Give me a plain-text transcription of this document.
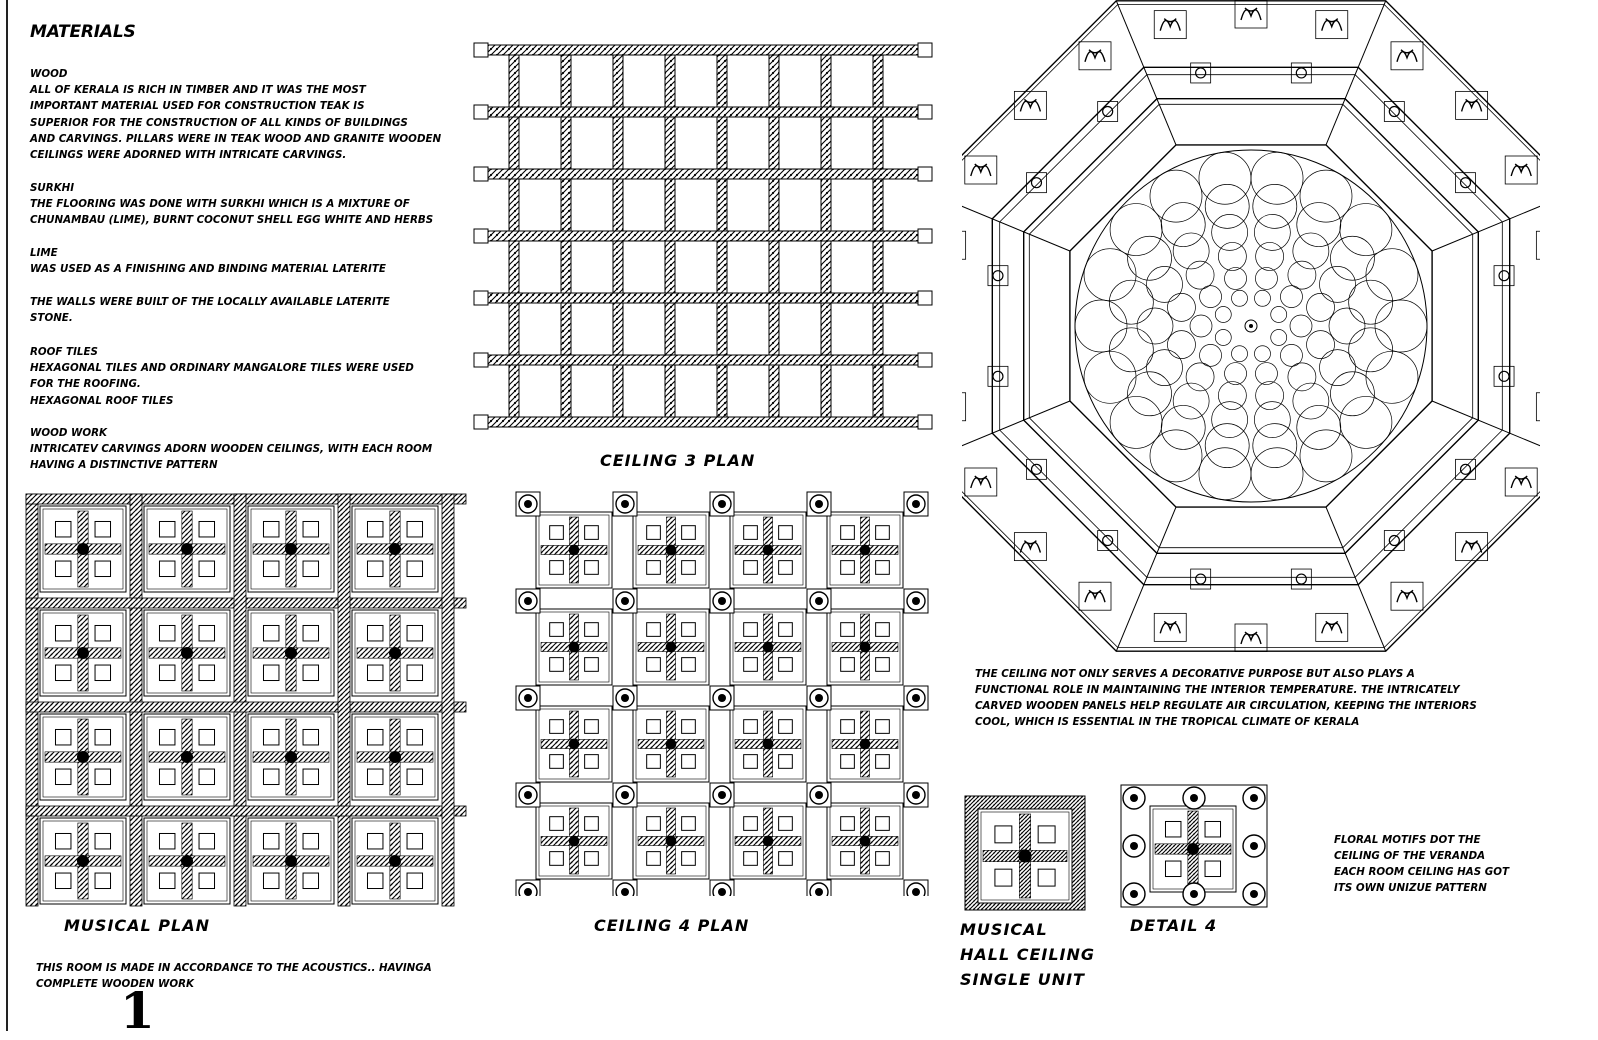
MATERIALS
WOOD
ALL OF KERALA IS RICH IN TIMBER AND IT WAS THE MOST
IMPORTANT MATERIAL USED FOR CONSTRUCTION TEAK IS
SUPERIOR FOR THE CONSTRUCTION OF ALL KINDS OF BUILDINGS
AND CARVINGS. PILLARS WERE IN TEAK WOOD AND GRANITE WOODEN
CEILINGS WERE ADORNED WITH INTRICATE CARVINGS.
SURKHI
THE FLOORING WAS DONE WITH SURKHI WHICH IS A MIXTURE OF
CHUNAMBAU (LIME), BURNT COCONUT SHELL EGG WHITE AND HERBS
LIME
WAS USED AS A FINISHING AND BINDING MATERIAL LATERITE
THE WALLS WERE BUILT OF THE LOCALLY AVAILABLE LATERITE
STONE.
ROOF TILES
HEXAGONAL TILES AND ORDINARY MANGALORE TILES WERE USED
FOR THE ROOFING.
HEXAGONAL ROOF TILES
WOOD WORK
INTRICATEV CARVINGS ADORN WOODEN CEILINGS, WITH EACH ROOM
HAVING A DISTINCTIVE PATTERN	CEILING 3 PLAN
THE CEILING NOT ONLY SERVES A DECORATIVE PURPOSE BUT ALSO PLAYS A
FUNCTIONAL ROLE IN MAINTAINING THE INTERIOR TEMPERATURE. THE INTRICATELY
CARVED WOODEN PANELS HELP REGULATE AIR CIRCULATION, KEEPING THE INTERIORS
COOL, WHICH IS ESSENTIAL IN THE TROPICAL CLIMATE OF KERALA
MUSICAL PLAN	CEILING 4 PLAN	MUSICAL
HALL CEILING
SINGLE UNIT
DETAIL 4
FLORAL MOTIFS DOT THE
CEILING OF THE VERANDA
EACH ROOM CEILING HAS GOT
ITS OWN UNIZUE PATTERN
THIS ROOM IS MADE IN ACCORDANCE TO THE ACOUSTICS.. HAVINGA
COMPLETE WOODEN WORK
1
